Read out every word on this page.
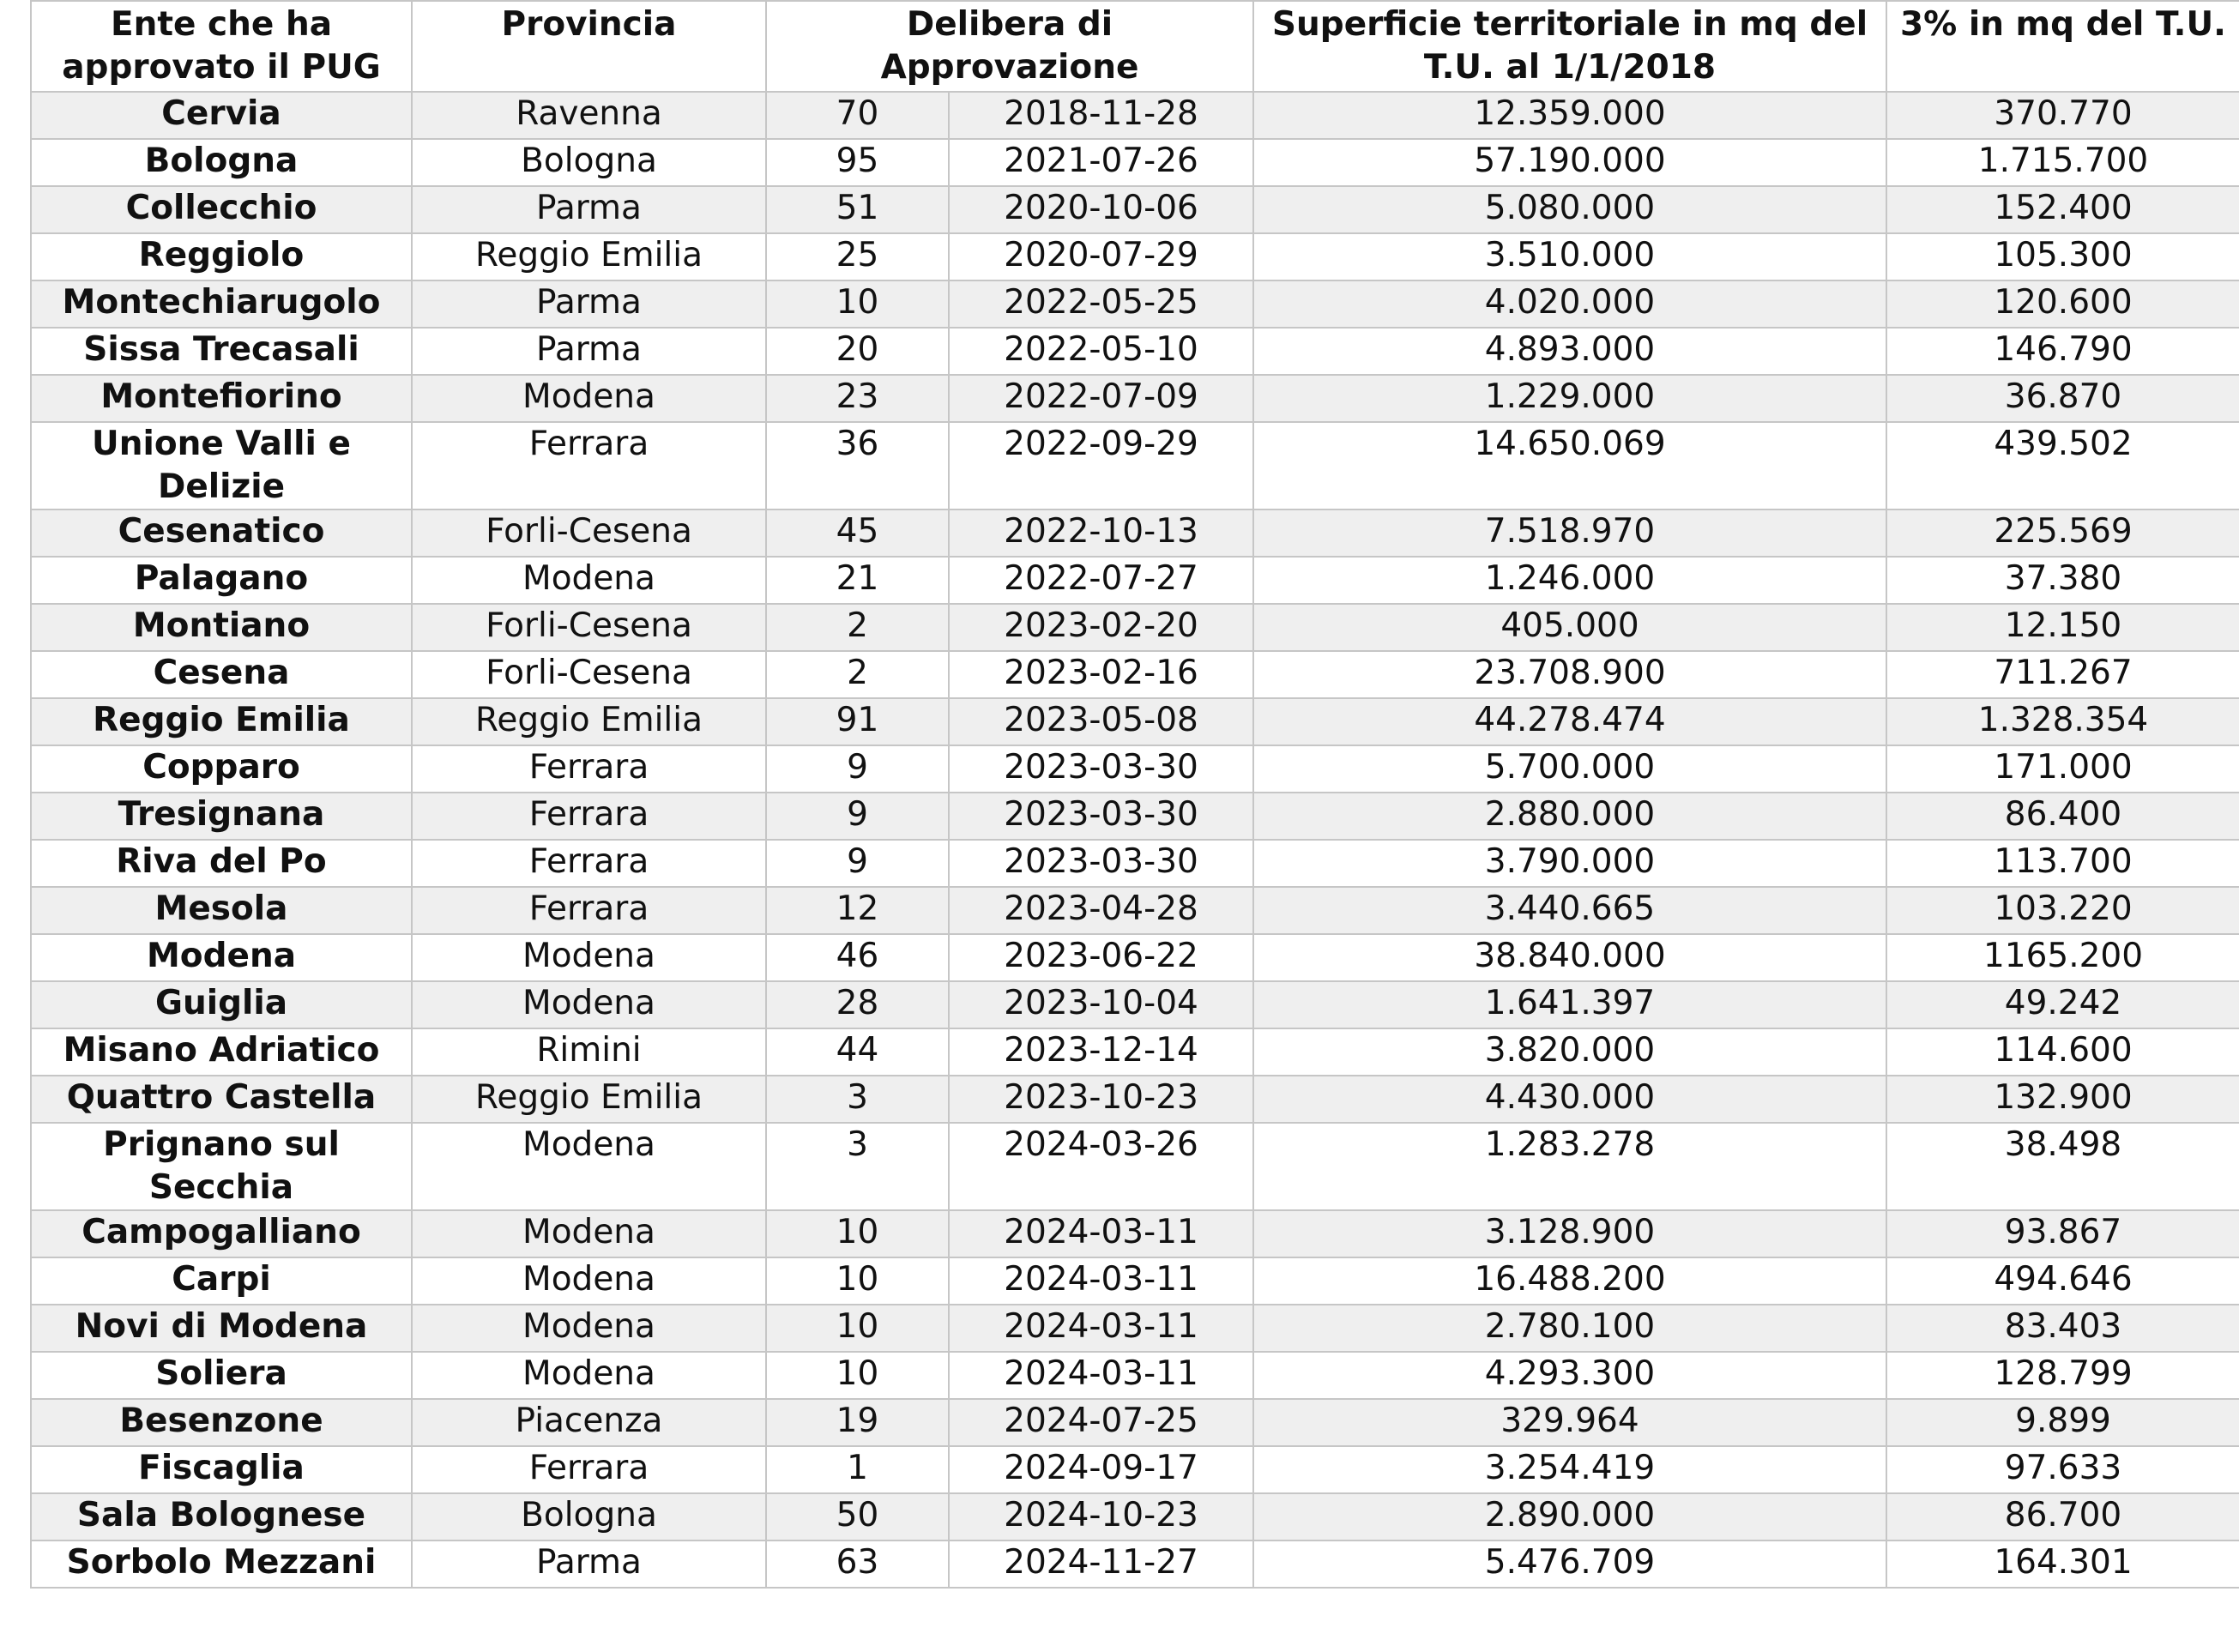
Ente che ha approvato il PUG	Provincia	Delibera di Approvazione		Superficie territoriale in mq del T.U. al 1/1/2018	3% in mq del T.U.
Cervia	Ravenna	70	2018-11-28	12.359.000	370.770
Bologna	Bologna	95	2021-07-26	57.190.000	1.715.700
Collecchio	Parma	51	2020-10-06	5.080.000	152.400
Reggiolo	Reggio Emilia	25	2020-07-29	3.510.000	105.300
Montechiarugolo	Parma	10	2022-05-25	4.020.000	120.600
Sissa Trecasali	Parma	20	2022-05-10	4.893.000	146.790
Montefiorino	Modena	23	2022-07-09	1.229.000	36.870
Unione Valli e Delizie	Ferrara	36	2022-09-29	14.650.069	439.502
Cesenatico	Forli-Cesena	45	2022-10-13	7.518.970	225.569
Palagano	Modena	21	2022-07-27	1.246.000	37.380
Montiano	Forli-Cesena	2	2023-02-20	405.000	12.150
Cesena	Forli-Cesena	2	2023-02-16	23.708.900	711.267
Reggio Emilia	Reggio Emilia	91	2023-05-08	44.278.474	1.328.354
Copparo	Ferrara	9	2023-03-30	5.700.000	171.000
Tresignana	Ferrara	9	2023-03-30	2.880.000	86.400
Riva del Po	Ferrara	9	2023-03-30	3.790.000	113.700
Mesola	Ferrara	12	2023-04-28	3.440.665	103.220
Modena	Modena	46	2023-06-22	38.840.000	1165.200
Guiglia	Modena	28	2023-10-04	1.641.397	49.242
Misano Adriatico	Rimini	44	2023-12-14	3.820.000	114.600
Quattro Castella	Reggio Emilia	3	2023-10-23	4.430.000	132.900
Prignano sul Secchia	Modena	3	2024-03-26	1.283.278	38.498
Campogalliano	Modena	10	2024-03-11	3.128.900	93.867
Carpi	Modena	10	2024-03-11	16.488.200	494.646
Novi di Modena	Modena	10	2024-03-11	2.780.100	83.403
Soliera	Modena	10	2024-03-11	4.293.300	128.799
Besenzone	Piacenza	19	2024-07-25	329.964	9.899
Fiscaglia	Ferrara	1	2024-09-17	3.254.419	97.633
Sala Bolognese	Bologna	50	2024-10-23	2.890.000	86.700
Sorbolo Mezzani	Parma	63	2024-11-27	5.476.709	164.301
